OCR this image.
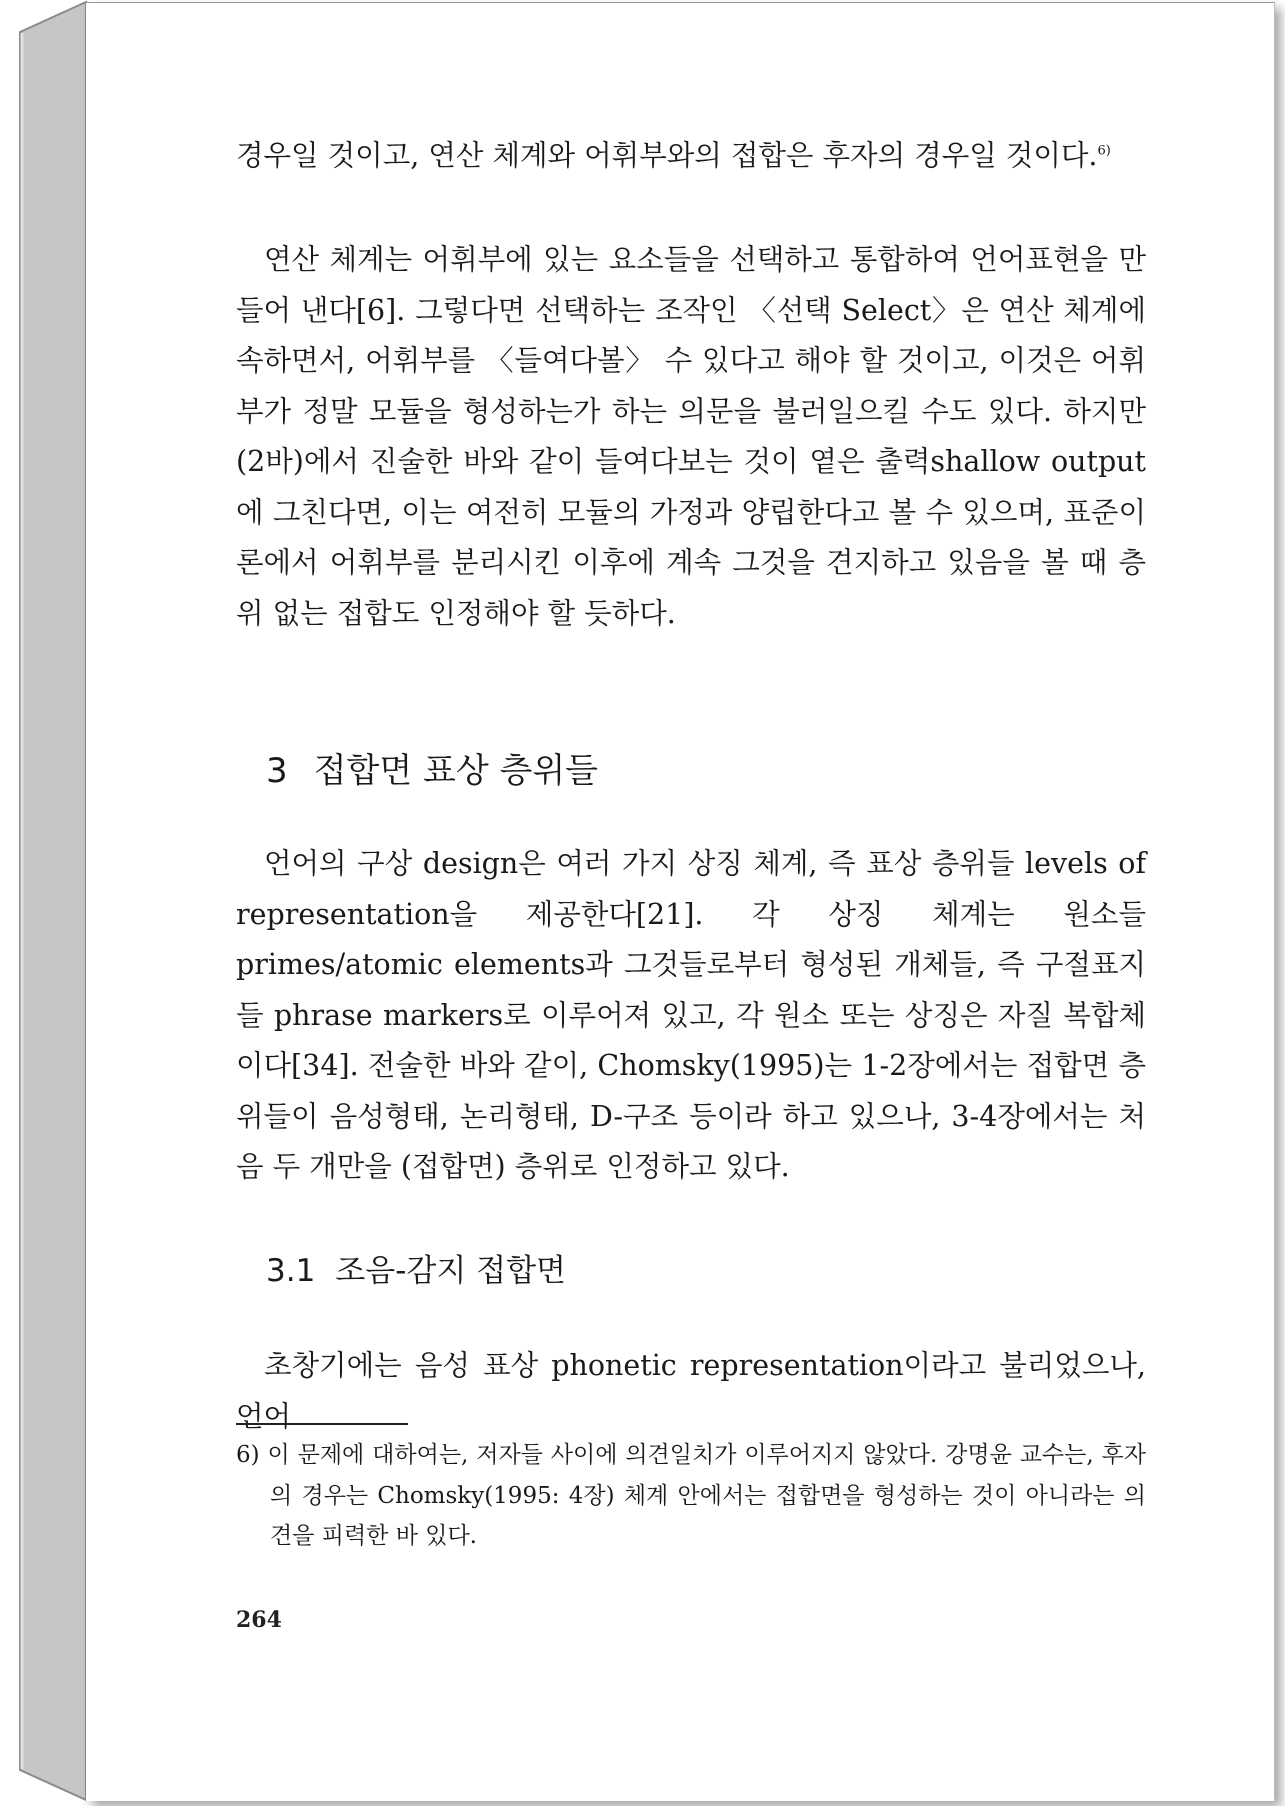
경우일 것이고, 연산 체계와 어휘부와의 접합은 후자의 경우일 것이다.$^{6)}$

연산 체계는 어휘부에 있는 요소들을 선택하고 통합하여 언어표현을 만들어 낸다[6]. 그렇다면 선택하는 조작인 〈선택 Select〉은 연산 체계에 속하면서, 어휘부를 〈들여다볼〉 수 있다고 해야 할 것이고, 이것은 어휘부가 정말 모듈을 형성하는가 하는 의문을 불러일으킬 수도 있다. 하지만 (2바)에서 진술한 바와 같이 들여다보는 것이 옅은 출력shallow output에 그친다면, 이는 여전히 모듈의 가정과 양립한다고 볼 수 있으며, 표준이론에서 어휘부를 분리시킨 이후에 계속 그것을 견지하고 있음을 볼 때 층위 없는 접합도 인정해야 할 듯하다.

3 접합면 표상 층위들

언어의 구상 design은 여러 가지 상징 체계, 즉 표상 층위들 levels of representation을 제공한다[21]. 각 상징 체계는 원소들 primes/atomic elements과 그것들로부터 형성된 개체들, 즉 구절표지들 phrase markers로 이루어져 있고, 각 원소 또는 상징은 자질 복합체이다[34]. 전술한 바와 같이, Chomsky(1995)는 1-2장에서는 접합면 층위들이 음성형태, 논리형태, D-구조 등이라 하고 있으나, 3-4장에서는 처음 두 개만을 (접합면) 층위로 인정하고 있다.

3.1 조음-감지 접합면

초창기에는 음성 표상 phonetic representation이라고 불리었으나, 언어

6) 이 문제에 대하여는, 저자들 사이에 의견일치가 이루어지지 않았다. 강명윤 교수는, 후자의 경우는 Chomsky(1995: 4장) 체계 안에서는 접합면을 형성하는 것이 아니라는 의견을 피력한 바 있다.

264
